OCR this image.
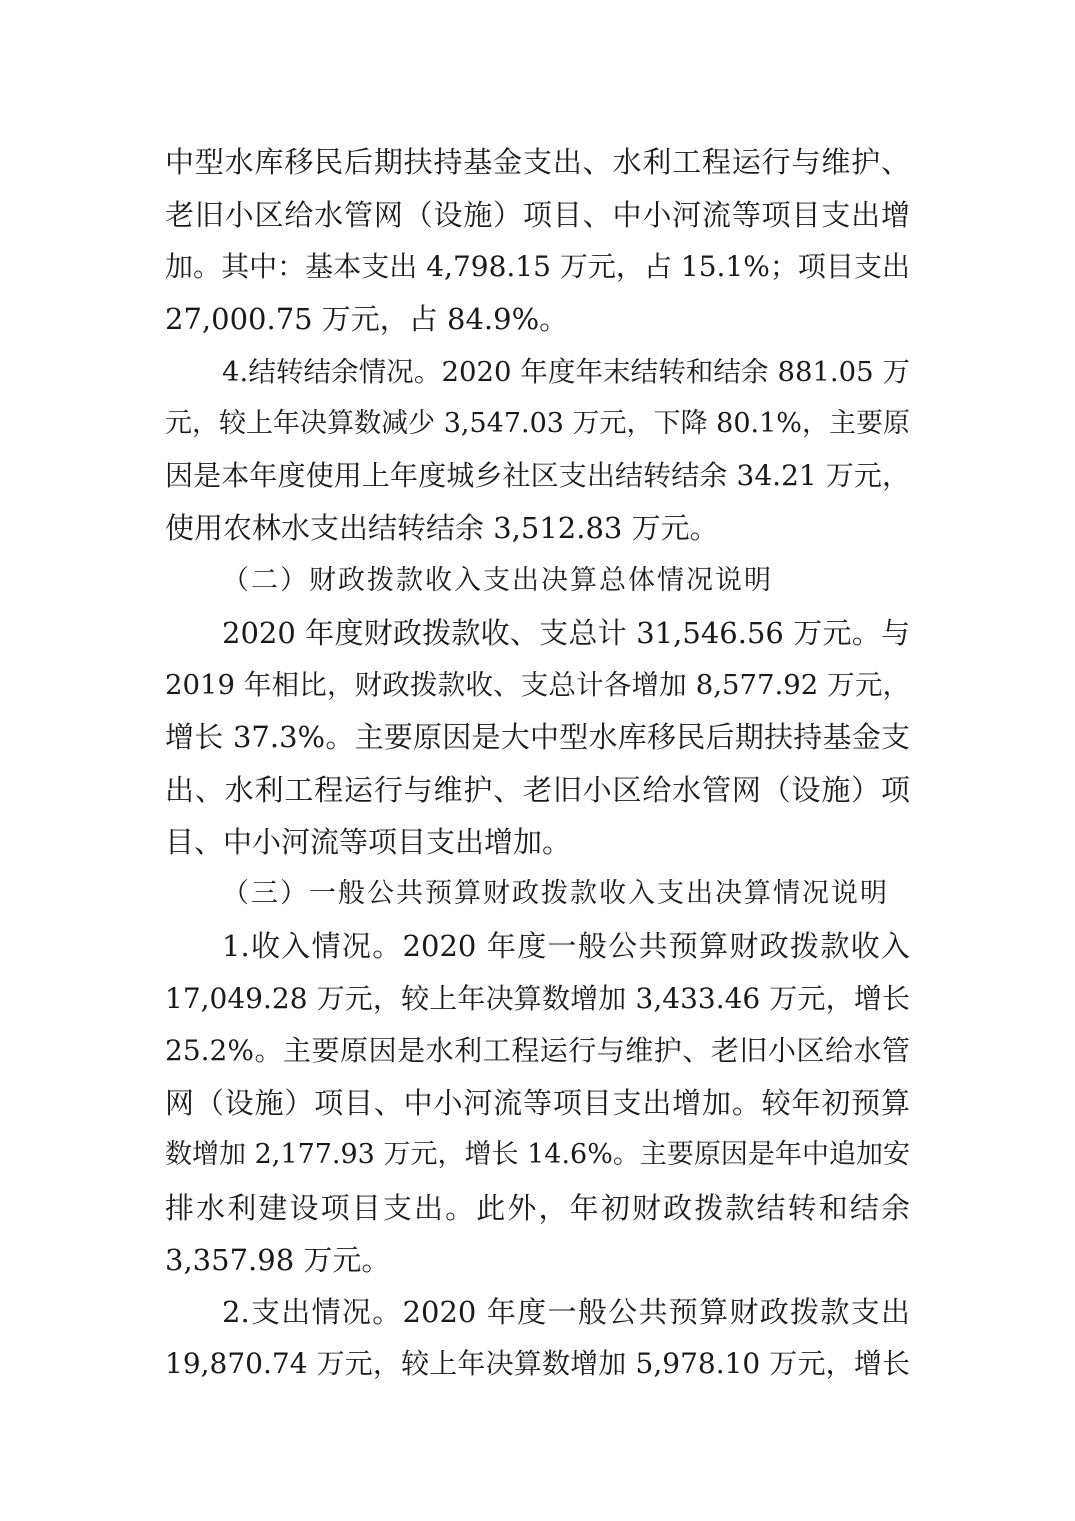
中型水库移民后期扶持基金支出、水利工程运行与维护、
老旧小区给水管网（设施）项目、中小河流等项目支出增
加。其中：基本支出 4,798.15 万元，占 15.1%；项目支出
27,000.75 万元，占 84.9%。
4.结转结余情况。2020 年度年末结转和结余 881.05 万
元，较上年决算数减少 3,547.03 万元，下降 80.1%，主要原
因是本年度使用上年度城乡社区支出结转结余 34.21 万元，
使用农林水支出结转结余 3,512.83 万元。
（二）财政拨款收入支出决算总体情况说明
2020 年度财政拨款收、支总计 31,546.56 万元。与
2019 年相比，财政拨款收、支总计各增加 8,577.92 万元，
增长 37.3%。主要原因是大中型水库移民后期扶持基金支
出、水利工程运行与维护、老旧小区给水管网（设施）项
目、中小河流等项目支出增加。
（三）一般公共预算财政拨款收入支出决算情况说明
1.收入情况。2020 年度一般公共预算财政拨款收入
17,049.28 万元，较上年决算数增加 3,433.46 万元，增长
25.2%。主要原因是水利工程运行与维护、老旧小区给水管
网（设施）项目、中小河流等项目支出增加。较年初预算
数增加 2,177.93 万元，增长 14.6%。主要原因是年中追加安
排水利建设项目支出。此外，年初财政拨款结转和结余
3,357.98 万元。
2.支出情况。2020 年度一般公共预算财政拨款支出
19,870.74 万元，较上年决算数增加 5,978.10 万元，增长
